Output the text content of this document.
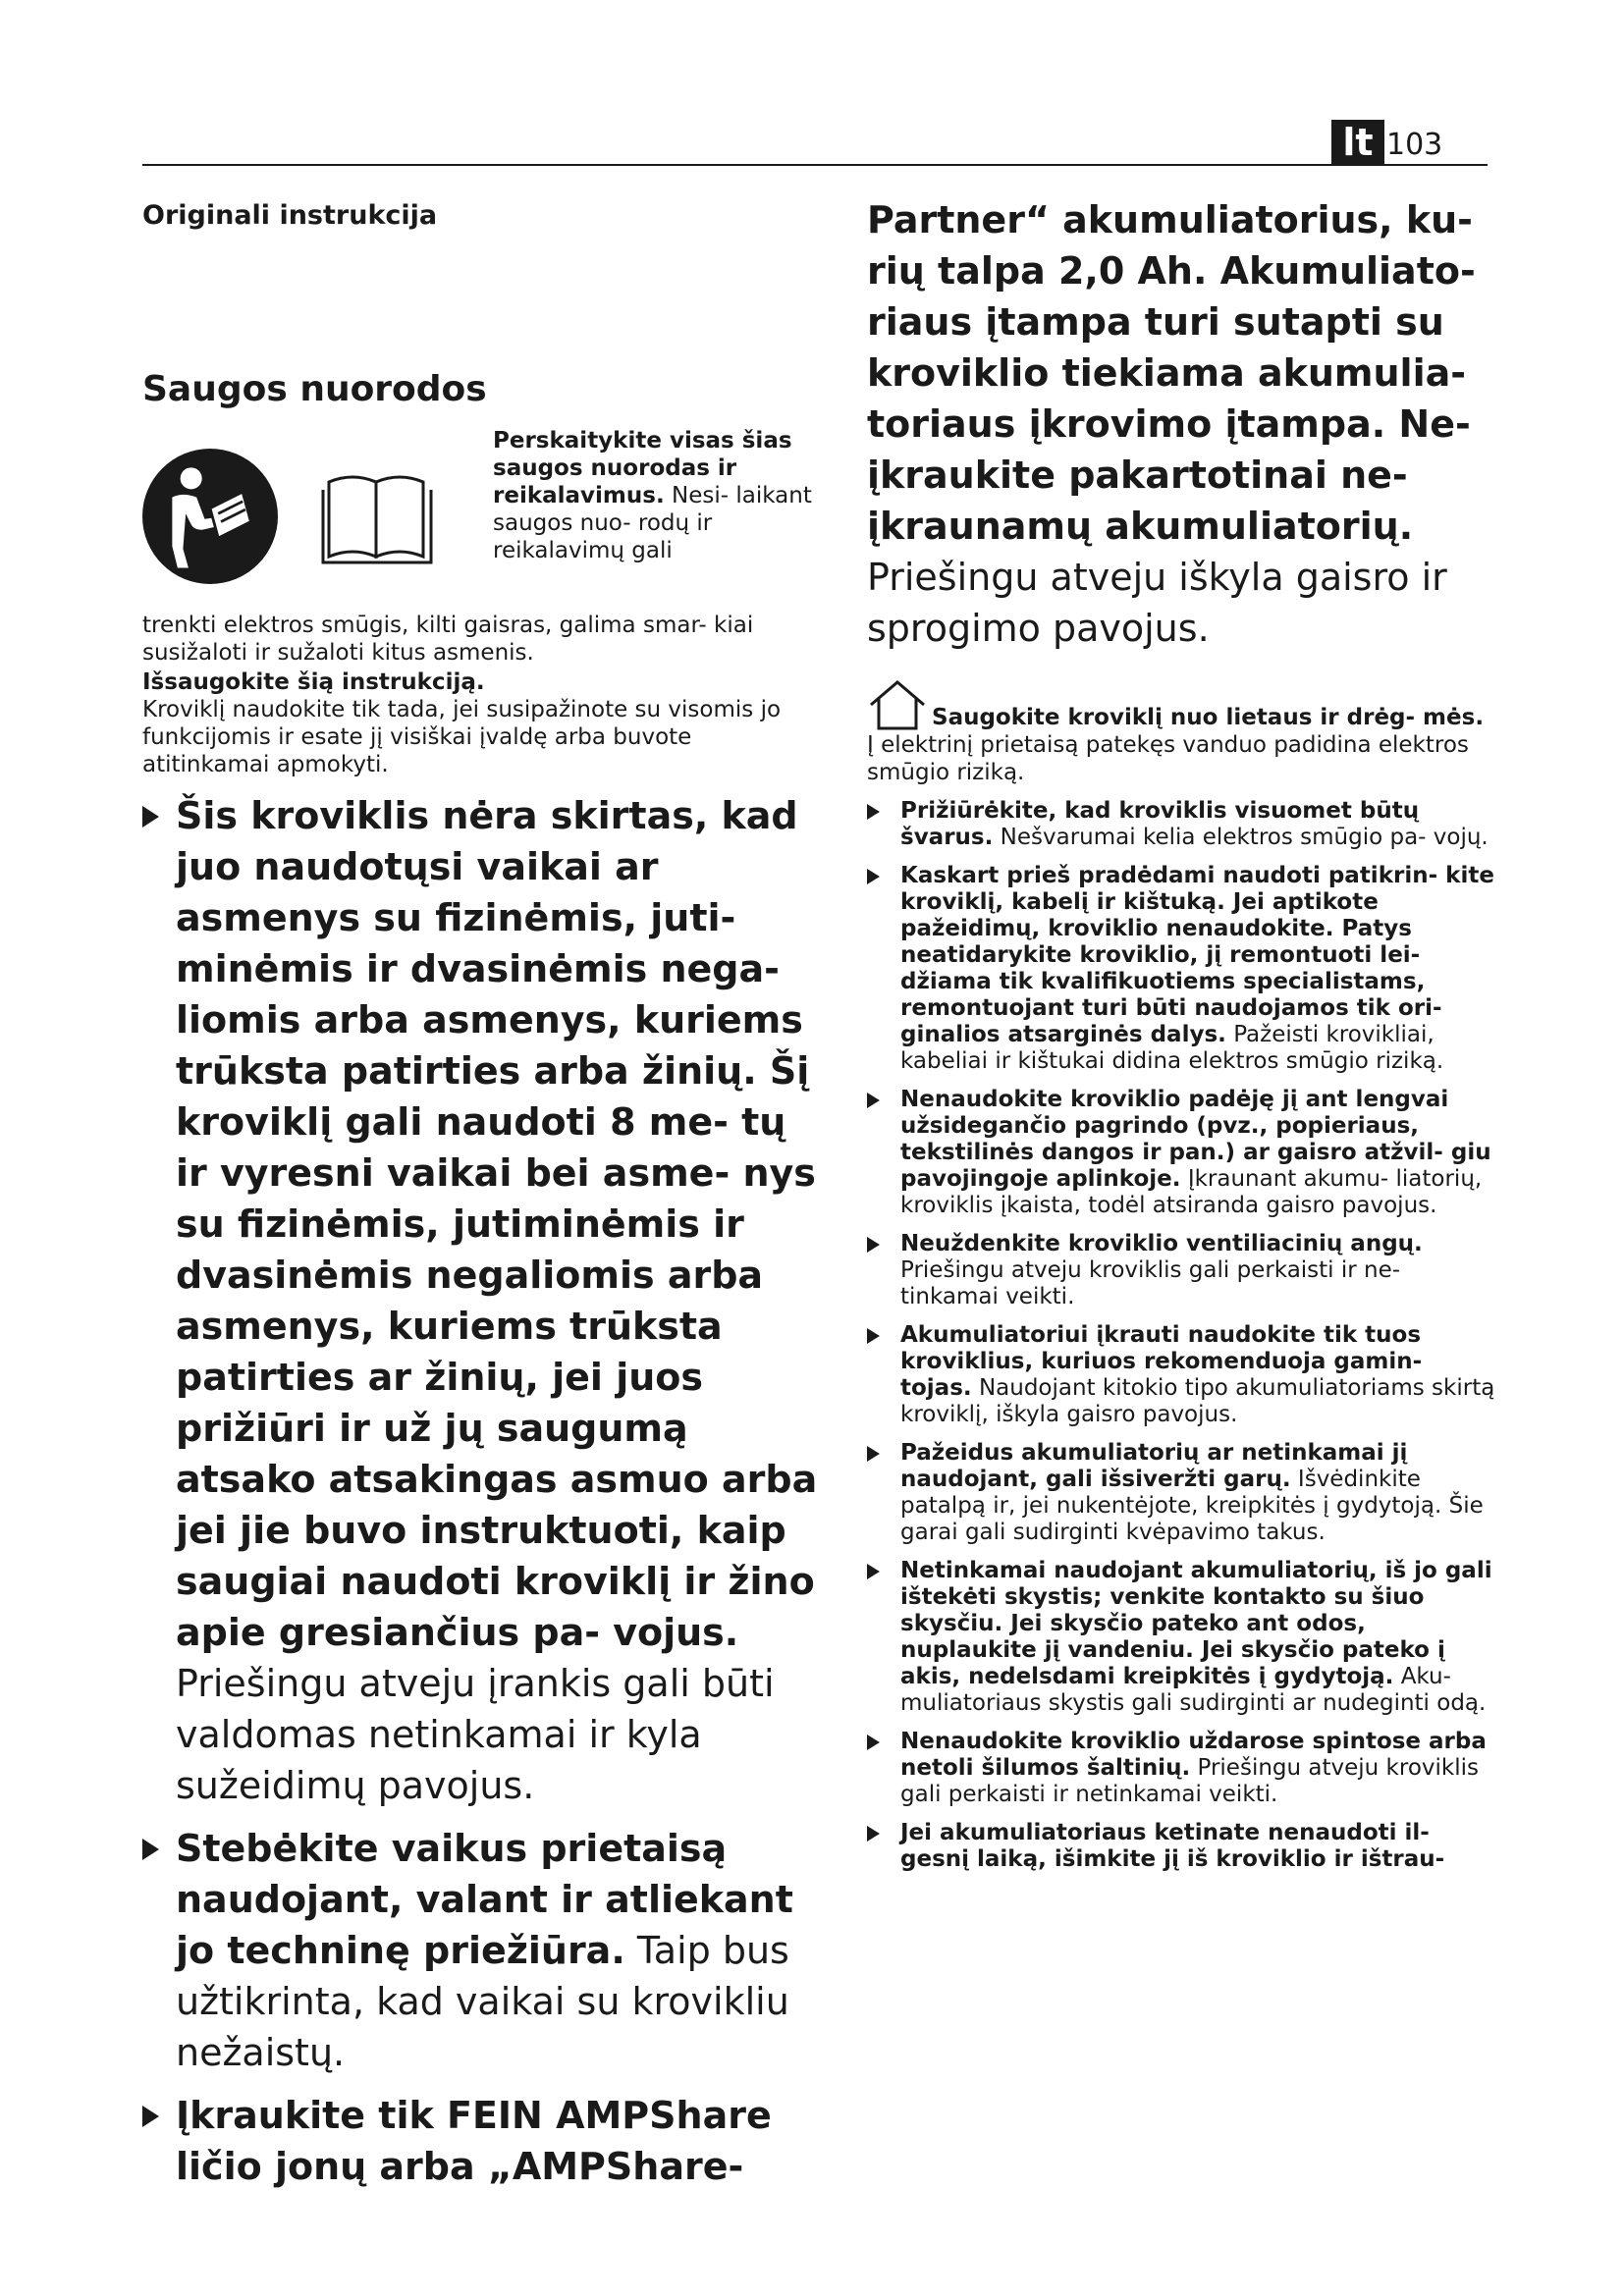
lt 103
Originali instrukcija
Saugos nuorodos
Perskaitykite visas šias saugos nuorodas ir reikalavimus. Nesi- laikant saugos nuo- rodų ir reikalavimų gali
trenkti elektros smūgis, kilti gaisras, galima smar- kiai susižaloti ir sužaloti kitus asmenis.
Išsaugokite šią instrukciją.
Kroviklį naudokite tik tada, jei susipažinote su visomis jo funkcijomis ir esate jį visiškai įvaldę arba buvote atitinkamai apmokyti.
Šis kroviklis nėra skirtas, kad juo naudotųsi vaikai ar asmenys su fizinėmis, juti- minėmis ir dvasinėmis nega- liomis arba asmenys, kuriems trūksta patirties arba žinių. Šį kroviklį gali naudoti 8 me- tų ir vyresni vaikai bei asme- nys su fizinėmis, jutiminėmis ir dvasinėmis negaliomis arba asmenys, kuriems trūksta patirties ar žinių, jei juos prižiūri ir už jų saugumą atsako atsakingas asmuo arba jei jie buvo instruktuoti, kaip saugiai naudoti kroviklį ir žino apie gresiančius pa- vojus. Priešingu atveju įrankis gali būti valdomas netinkamai ir kyla sužeidimų pavojus.
Stebėkite vaikus prietaisą naudojant, valant ir atliekant jo techninę priežiūra. Taip bus užtikrinta, kad vaikai su krovikliu nežaistų.
Įkraukite tik FEIN AMPShare ličio jonų arba „AMPShare-
Partner“ akumuliatorius, ku- rių talpa 2,0 Ah. Akumuliato- riaus įtampa turi sutapti su kroviklio tiekiama akumulia- toriaus įkrovimo įtampa. Ne- įkraukite pakartotinai ne- įkraunamų akumuliatorių. Priešingu atveju iškyla gaisro ir sprogimo pavojus.
Saugokite kroviklį nuo lietaus ir drėg- mės. Į elektrinį prietaisą patekęs vanduo padidina elektros smūgio riziką.
Prižiūrėkite, kad kroviklis visuomet būtų švarus. Nešvarumai kelia elektros smūgio pa- vojų.
Kaskart prieš pradėdami naudoti patikrin- kite kroviklį, kabelį ir kištuką. Jei aptikote pažeidimų, kroviklio nenaudokite. Patys neatidarykite kroviklio, jį remontuoti lei- džiama tik kvalifikuotiems specialistams, remontuojant turi būti naudojamos tik ori- ginalios atsarginės dalys. Pažeisti krovikliai, kabeliai ir kištukai didina elektros smūgio riziką.
Nenaudokite kroviklio padėję jį ant lengvai užsidegančio pagrindo (pvz., popieriaus, tekstilinės dangos ir pan.) ar gaisro atžvil- giu pavojingoje aplinkoje. Įkraunant akumu- liatorių, kroviklis įkaista, todėl atsiranda gaisro pavojus.
Neuždenkite kroviklio ventiliacinių angų. Priešingu atveju kroviklis gali perkaisti ir ne- tinkamai veikti.
Akumuliatoriui įkrauti naudokite tik tuos kroviklius, kuriuos rekomenduoja gamin- tojas. Naudojant kitokio tipo akumuliatoriams skirtą kroviklį, iškyla gaisro pavojus.
Pažeidus akumuliatorių ar netinkamai jį naudojant, gali išsiveržti garų. Išvėdinkite patalpą ir, jei nukentėjote, kreipkitės į gydytoją. Šie garai gali sudirginti kvėpavimo takus.
Netinkamai naudojant akumuliatorių, iš jo gali ištekėti skystis; venkite kontakto su šiuo skysčiu. Jei skysčio pateko ant odos, nuplaukite jį vandeniu. Jei skysčio pateko į akis, nedelsdami kreipkitės į gydytoją. Aku- muliatoriaus skystis gali sudirginti ar nudeginti odą.
Nenaudokite kroviklio uždarose spintose arba netoli šilumos šaltinių. Priešingu atveju kroviklis gali perkaisti ir netinkamai veikti.
Jei akumuliatoriaus ketinate nenaudoti il- gesnį laiką, išimkite jį iš kroviklio ir ištrau-
